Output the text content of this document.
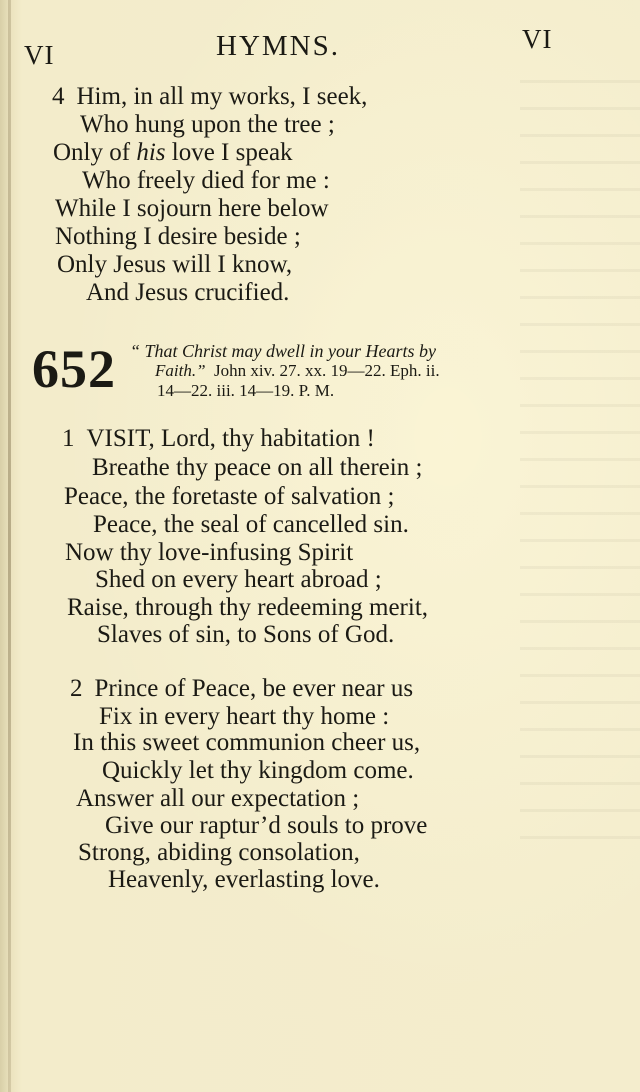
VI	HYMNS.	VI
4 Him, in all my works, I seek,
Who hung upon the tree ;
Only of his love I speak
Who freely died for me :
While I sojourn here below
Nothing I desire beside ;
Only Jesus will I know,
And Jesus crucified.
652 “ That Christ may dwell in your Hearts by
Faith.” John xiv. 27. xx. 19—22. Eph. ii.
14—22. iii. 14—19. P. M.
1 VISIT, Lord, thy habitation !
Breathe thy peace on all therein ;
Peace, the foretaste of salvation ;
Peace, the seal of cancelled sin.
Now thy love-infusing Spirit
Shed on every heart abroad ;
Raise, through thy redeeming merit,
Slaves of sin, to Sons of God.
2 Prince of Peace, be ever near us
Fix in every heart thy home :
In this sweet communion cheer us,
Quickly let thy kingdom come.
Answer all our expectation ;
Give our raptur’d souls to prove
Strong, abiding consolation,
Heavenly, everlasting love.
